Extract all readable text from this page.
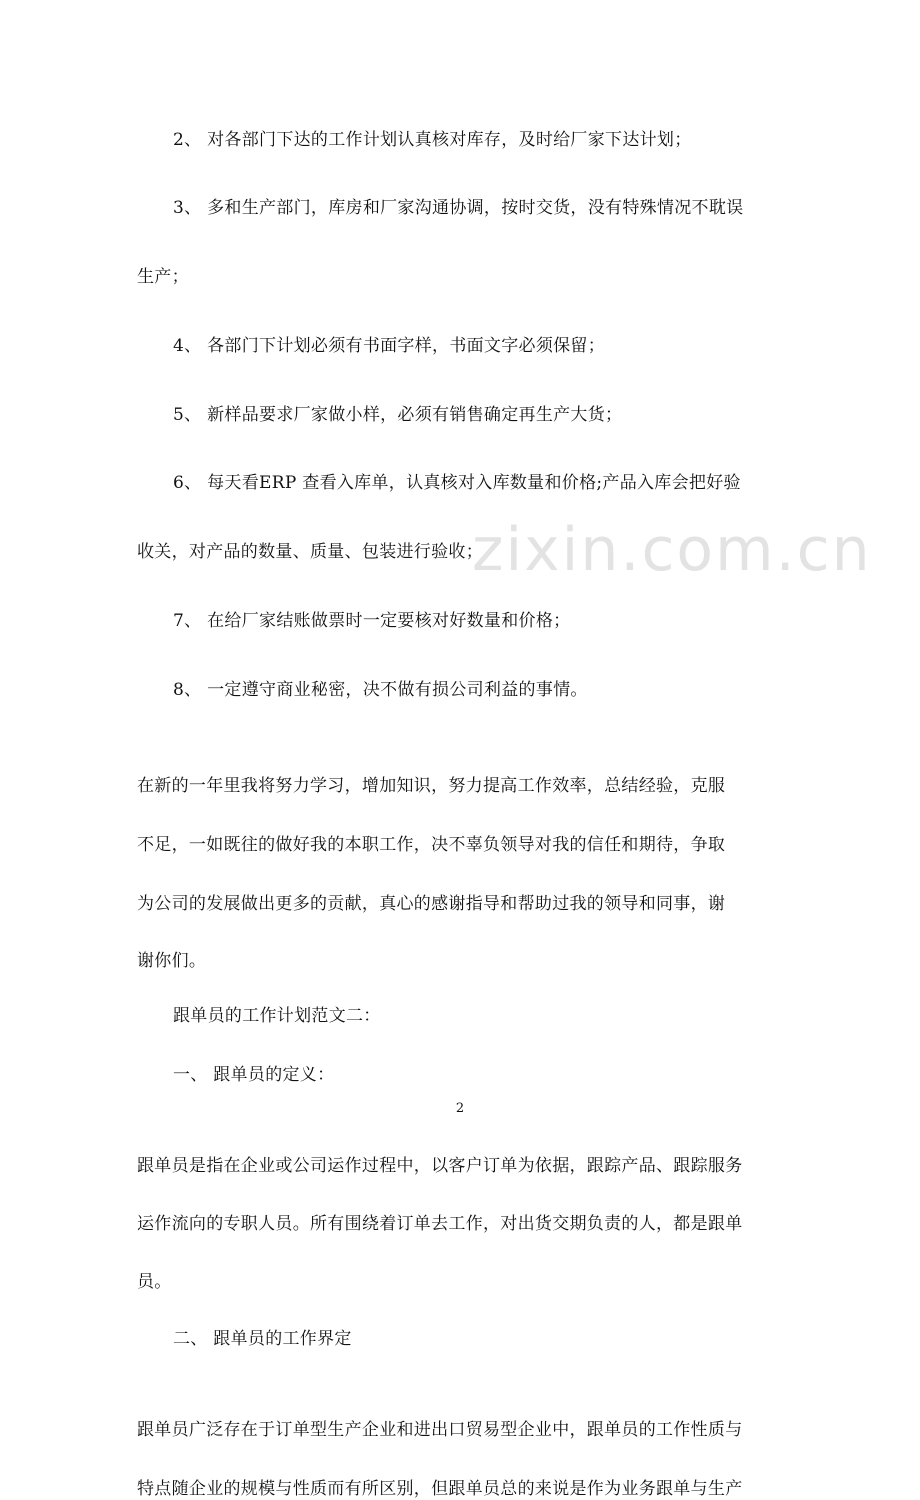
zixin.com.cn
2、 对各部门下达的工作计划认真核对库存，及时给厂家下达计划；
3、 多和生产部门，库房和厂家沟通协调，按时交货，没有特殊情况不耽误
生产；
4、 各部门下计划必须有书面字样，书面文字必须保留；
5、 新样品要求厂家做小样，必须有销售确定再生产大货；
6、 每天看ERP 查看入库单，认真核对入库数量和价格;产品入库会把好验
收关，对产品的数量、质量、包装进行验收；
7、 在给厂家结账做票时一定要核对好数量和价格；
8、 一定遵守商业秘密，决不做有损公司利益的事情。
在新的一年里我将努力学习，增加知识，努力提高工作效率，总结经验，克服
不足，一如既往的做好我的本职工作，决不辜负领导对我的信任和期待，争取
为公司的发展做出更多的贡献，真心的感谢指导和帮助过我的领导和同事，谢
谢你们。
跟单员的工作计划范文二：
一、 跟单员的定义：
跟单员是指在企业或公司运作过程中，以客户订单为依据，跟踪产品、跟踪服务
运作流向的专职人员。所有围绕着订单去工作，对出货交期负责的人，都是跟单
员。
二、 跟单员的工作界定
跟单员广泛存在于订单型生产企业和进出口贸易型企业中，跟单员的工作性质与
特点随企业的规模与性质而有所区别，但跟单员总的来说是作为业务跟单与生产
2
